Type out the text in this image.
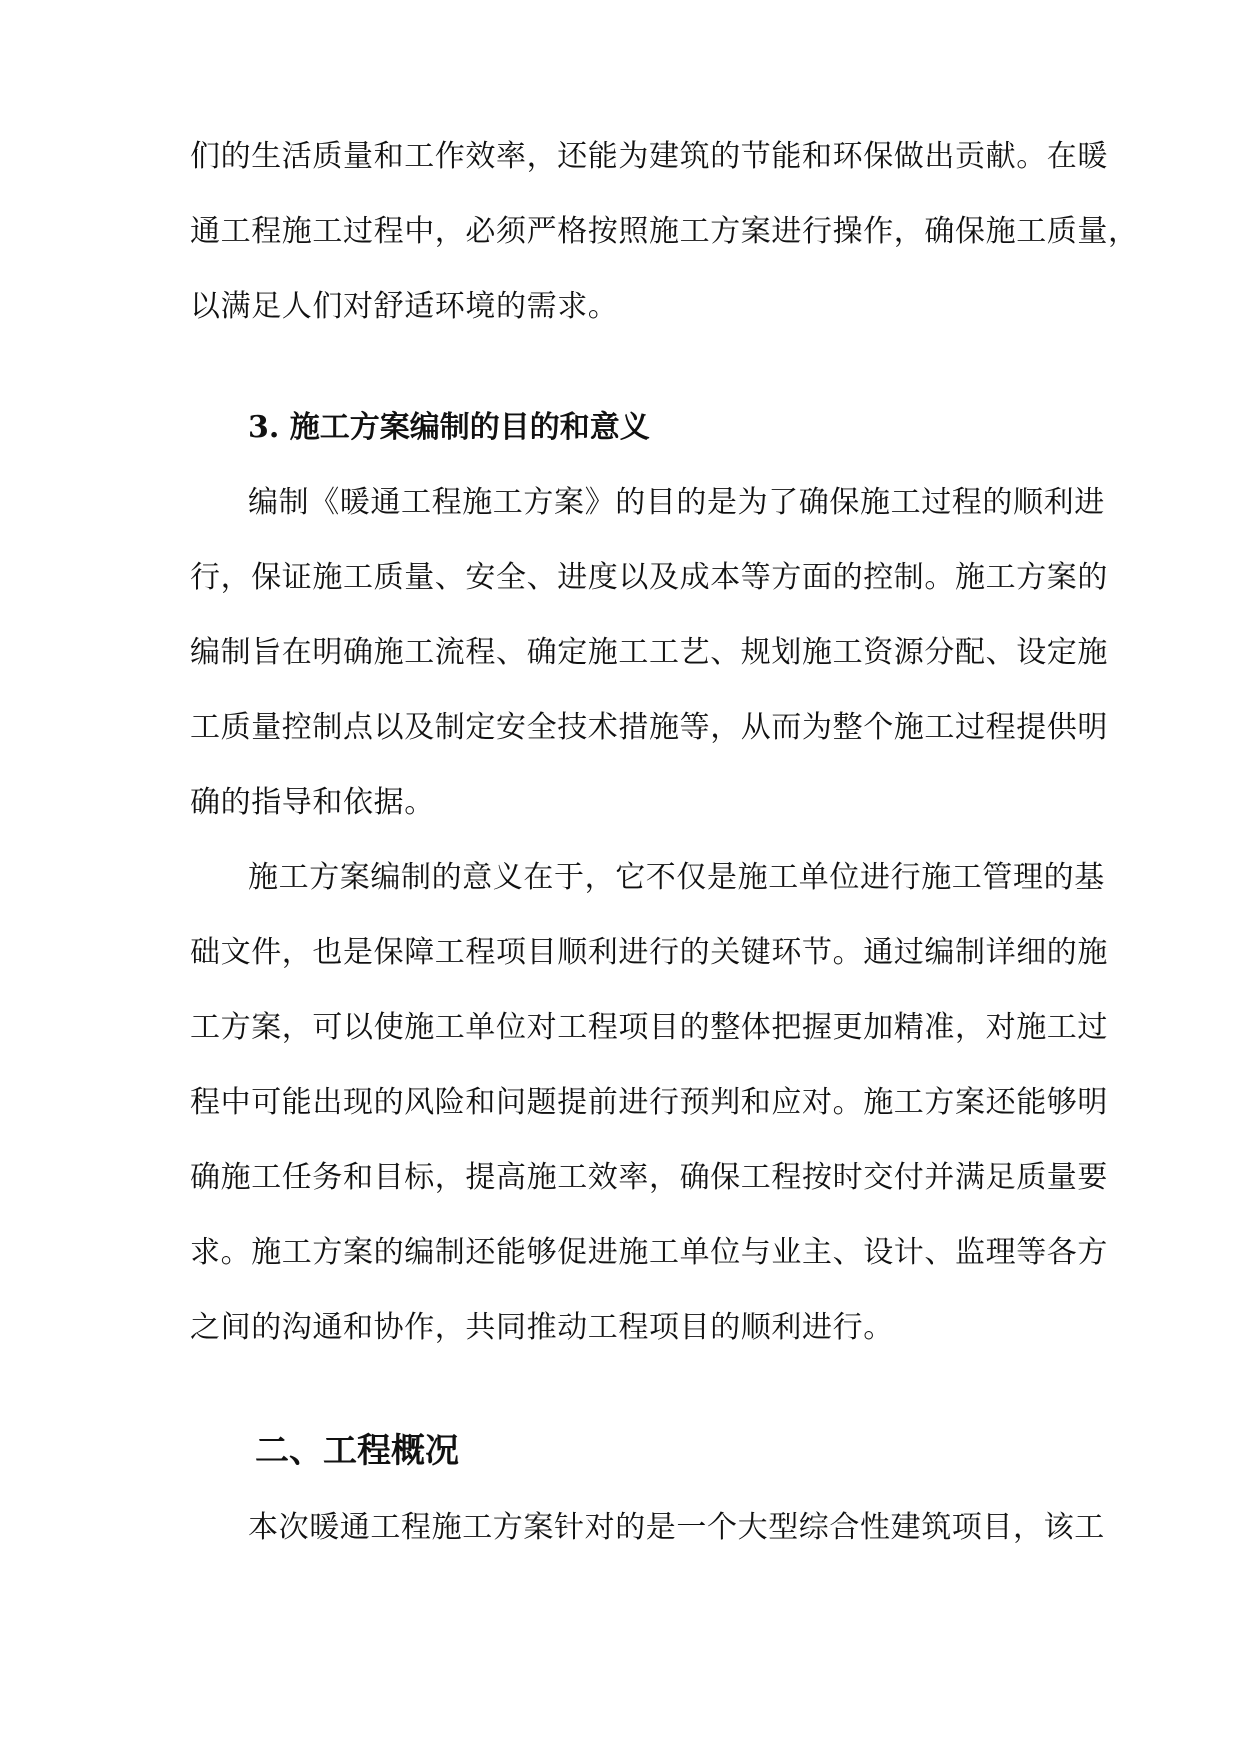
们的生活质量和工作效率，还能为建筑的节能和环保做出贡献。在暖
通工程施工过程中，必须严格按照施工方案进行操作，确保施工质量，
以满足人们对舒适环境的需求。
3. 施工方案编制的目的和意义
编制《暖通工程施工方案》的目的是为了确保施工过程的顺利进
行，保证施工质量、安全、进度以及成本等方面的控制。施工方案的
编制旨在明确施工流程、确定施工工艺、规划施工资源分配、设定施
工质量控制点以及制定安全技术措施等，从而为整个施工过程提供明
确的指导和依据。
施工方案编制的意义在于，它不仅是施工单位进行施工管理的基
础文件，也是保障工程项目顺利进行的关键环节。通过编制详细的施
工方案，可以使施工单位对工程项目的整体把握更加精准，对施工过
程中可能出现的风险和问题提前进行预判和应对。施工方案还能够明
确施工任务和目标，提高施工效率，确保工程按时交付并满足质量要
求。施工方案的编制还能够促进施工单位与业主、设计、监理等各方
之间的沟通和协作，共同推动工程项目的顺利进行。
二、工程概况
本次暖通工程施工方案针对的是一个大型综合性建筑项目，该工
